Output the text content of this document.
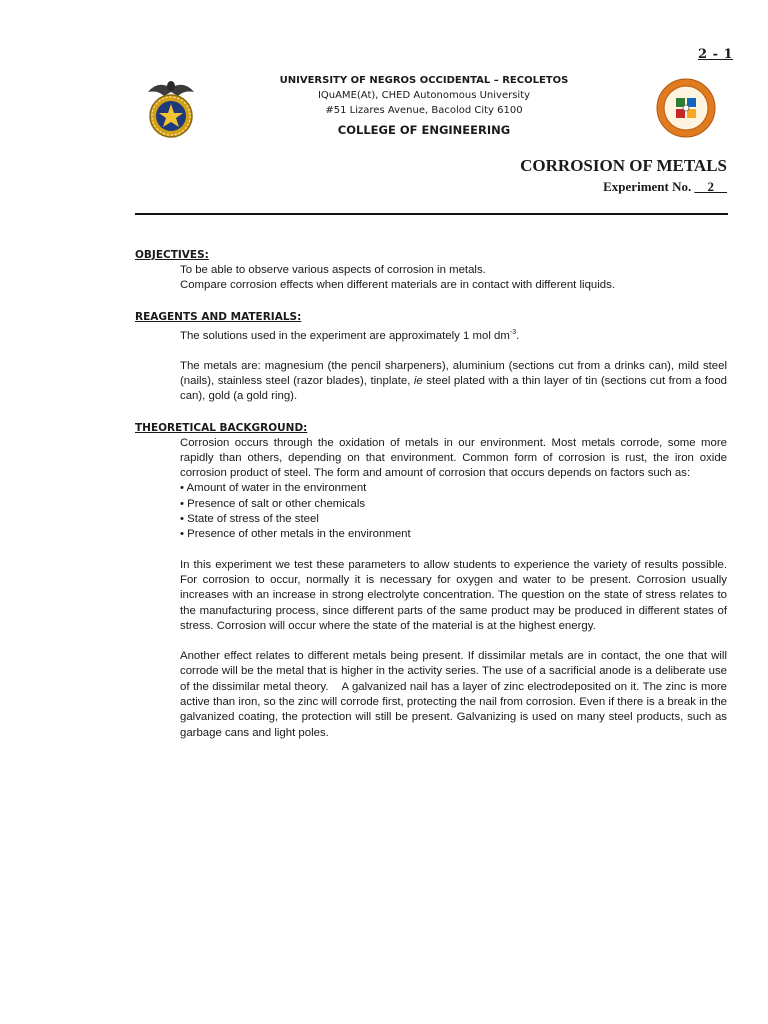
2 - 1
UNIVERSITY OF NEGROS OCCIDENTAL – RECOLETOS
IQuAME(At), CHED Autonomous University
#51 Lizares Avenue, Bacolod City 6100
COLLEGE OF ENGINEERING
CORROSION OF METALS
Experiment No. __2__

OBJECTIVES:

To be able to observe various aspects of corrosion in metals.

Compare corrosion effects when different materials are in contact with different liquids.

REAGENTS AND MATERIALS:

The solutions used in the experiment are approximately 1 mol $dm^{-3}$.

The metals are: magnesium (the pencil sharpeners), aluminium (sections cut from a drinks can), mild steel (nails), stainless steel (razor blades), tinplate, ie steel plated with a thin layer of tin (sections cut from a food can), gold (a gold ring).

THEORETICAL BACKGROUND:

Corrosion occurs through the oxidation of metals in our environment. Most metals corrode, some more rapidly than others, depending on that environment. Common form of corrosion is rust, the iron oxide corrosion product of steel. The form and amount of corrosion that occurs depends on factors such as:

• Amount of water in the environment
• Presence of salt or other chemicals
• State of stress of the steel
• Presence of other metals in the environment

In this experiment we test these parameters to allow students to experience the variety of results possible. For corrosion to occur, normally it is necessary for oxygen and water to be present. Corrosion usually increases with an increase in strong electrolyte concentration. The question on the state of stress relates to the manufacturing process, since different parts of the same product may be produced in different states of stress. Corrosion will occur where the state of the material is at the highest energy.

Another effect relates to different metals being present. If dissimilar metals are in contact, the one that will corrode will be the metal that is higher in the activity series. The use of a sacrificial anode is a deliberate use of the dissimilar metal theory.    A galvanized nail has a layer of zinc electrodeposited on it. The zinc is more active than iron, so the zinc will corrode first, protecting the nail from corrosion. Even if there is a break in the galvanized coating, the protection will still be present. Galvanizing is used on many steel products, such as garbage cans and light poles.
